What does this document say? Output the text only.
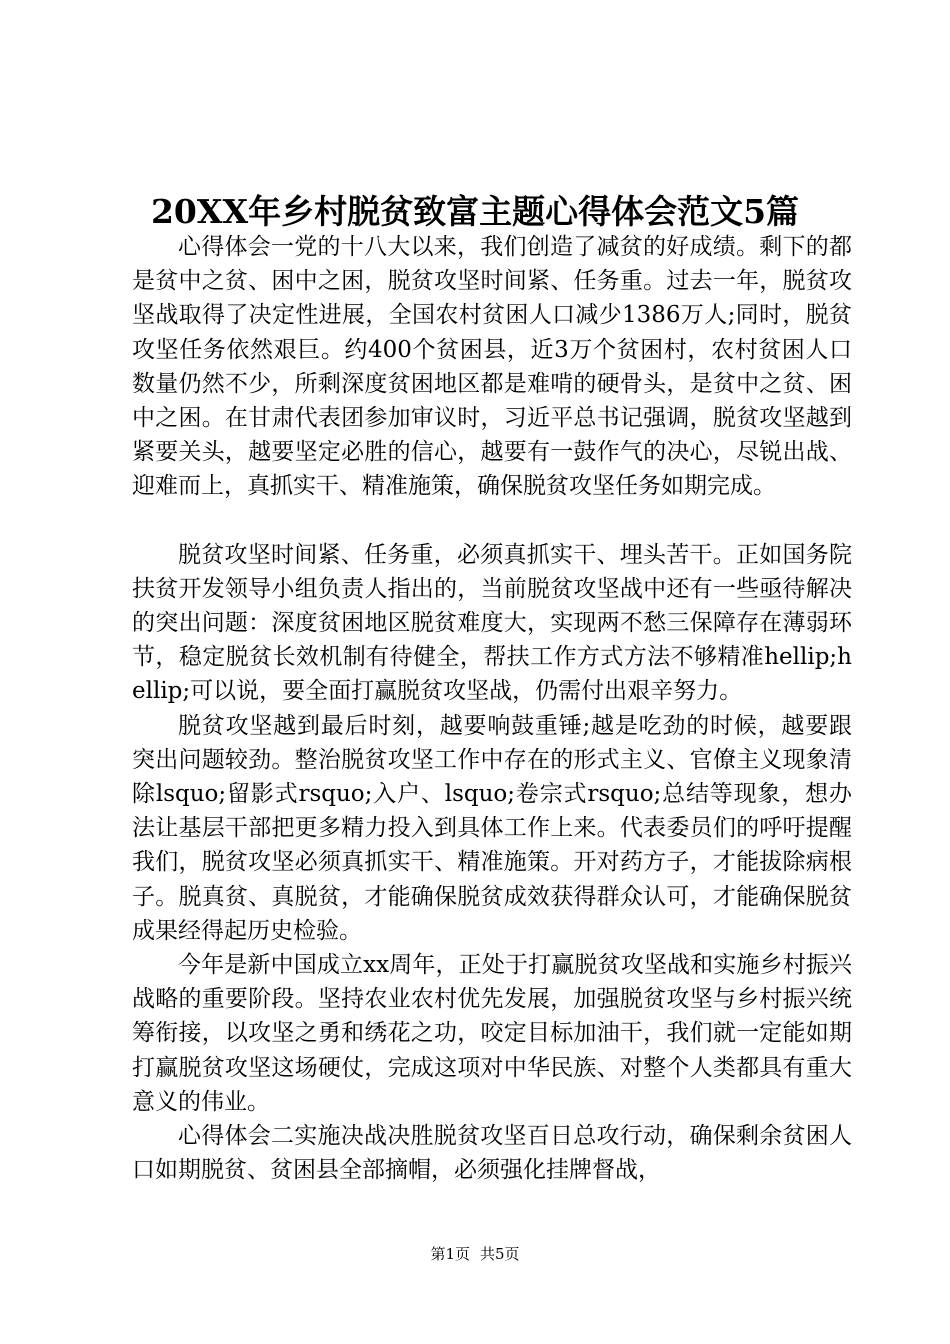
20XX年乡村脱贫致富主题心得体会范文5篇

心得体会一党的十八大以来，我们创造了减贫的好成绩。剩下的都是贫中之贫、困中之困，脱贫攻坚时间紧、任务重。过去一年，脱贫攻坚战取得了决定性进展，全国农村贫困人口减少1386万人;同时，脱贫攻坚任务依然艰巨。约400个贫困县，近3万个贫困村，农村贫困人口数量仍然不少，所剩深度贫困地区都是难啃的硬骨头，是贫中之贫、困中之困。在甘肃代表团参加审议时，习近平总书记强调，脱贫攻坚越到紧要关头，越要坚定必胜的信心，越要有一鼓作气的决心，尽锐出战、迎难而上，真抓实干、精准施策，确保脱贫攻坚任务如期完成。

脱贫攻坚时间紧、任务重，必须真抓实干、埋头苦干。正如国务院扶贫开发领导小组负责人指出的，当前脱贫攻坚战中还有一些亟待解决的突出问题：深度贫困地区脱贫难度大，实现两不愁三保障存在薄弱环节，稳定脱贫长效机制有待健全，帮扶工作方式方法不够精准hellip;hellip;可以说，要全面打赢脱贫攻坚战，仍需付出艰辛努力。

脱贫攻坚越到最后时刻，越要响鼓重锤;越是吃劲的时候，越要跟突出问题较劲。整治脱贫攻坚工作中存在的形式主义、官僚主义现象清除lsquo;留影式rsquo;入户、lsquo;卷宗式rsquo;总结等现象，想办法让基层干部把更多精力投入到具体工作上来。代表委员们的呼吁提醒我们，脱贫攻坚必须真抓实干、精准施策。开对药方子，才能拔除病根子。脱真贫、真脱贫，才能确保脱贫成效获得群众认可，才能确保脱贫成果经得起历史检验。

今年是新中国成立xx周年，正处于打赢脱贫攻坚战和实施乡村振兴战略的重要阶段。坚持农业农村优先发展，加强脱贫攻坚与乡村振兴统筹衔接，以攻坚之勇和绣花之功，咬定目标加油干，我们就一定能如期打赢脱贫攻坚这场硬仗，完成这项对中华民族、对整个人类都具有重大意义的伟业。

心得体会二实施决战决胜脱贫攻坚百日总攻行动，确保剩余贫困人口如期脱贫、贫困县全部摘帽，必须强化挂牌督战，

第1页 共5页
